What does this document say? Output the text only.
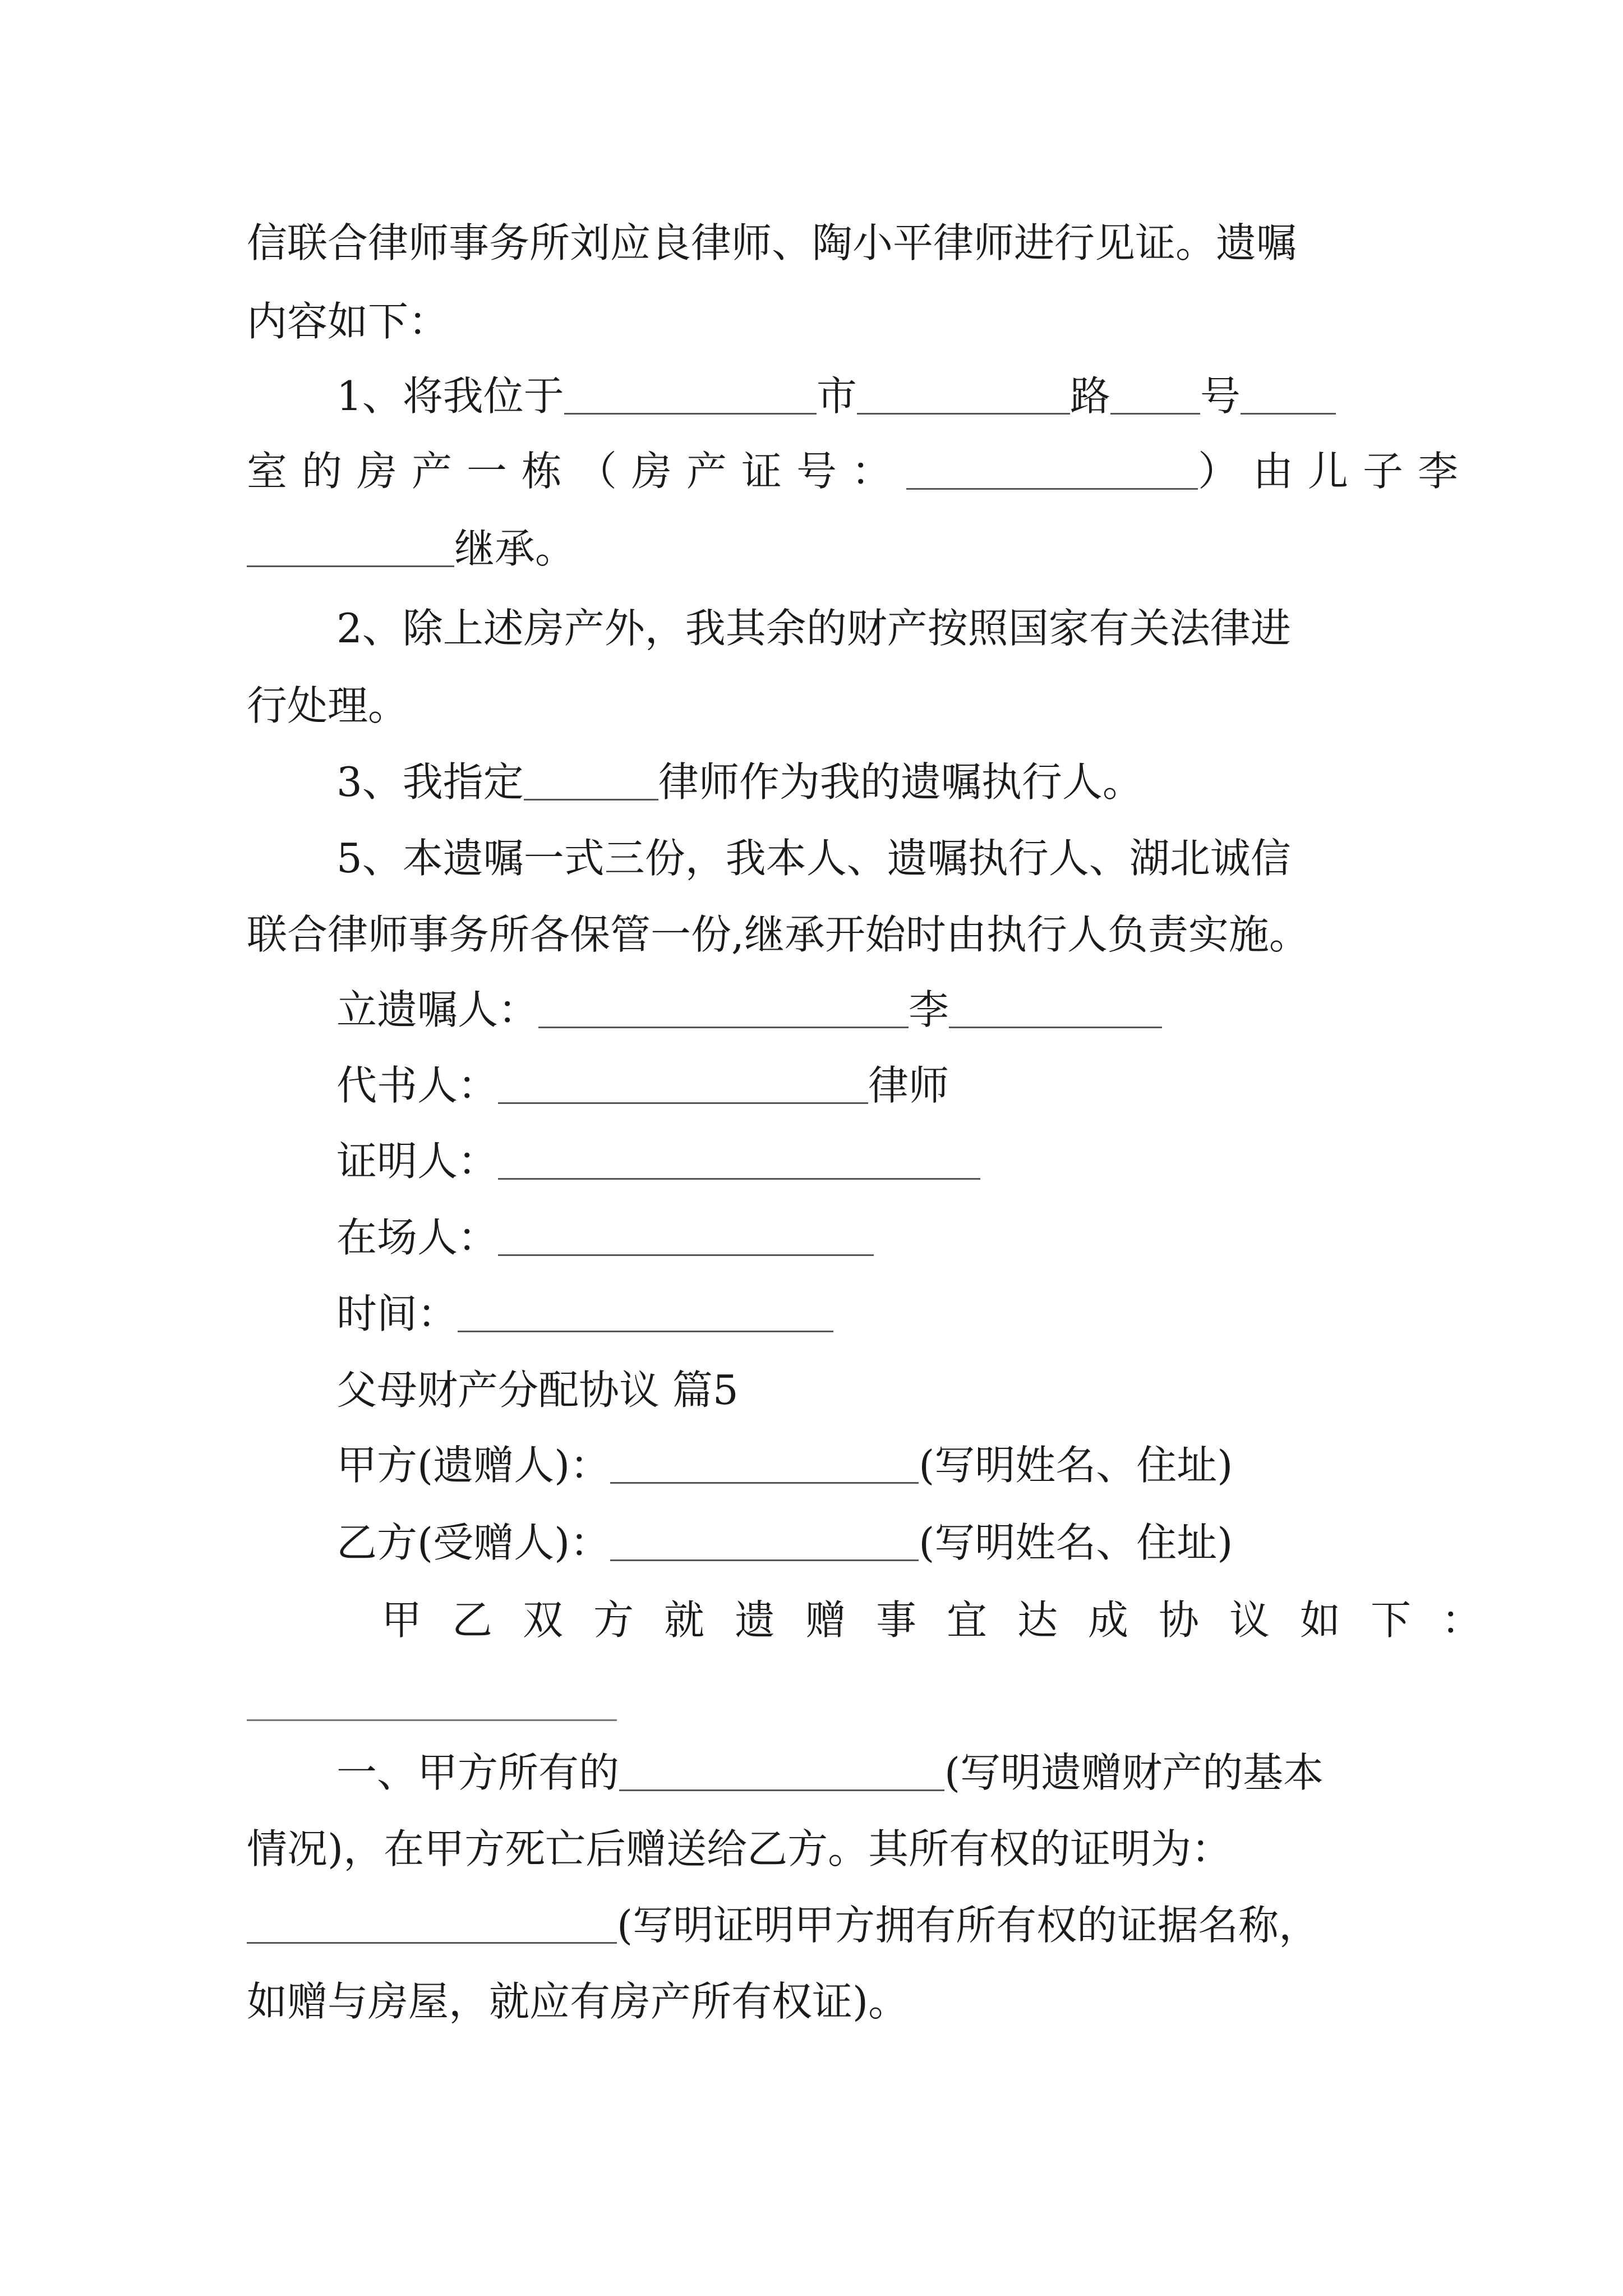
信联合律师事务所刘应良律师、陶小平律师进行见证。遗嘱
内容如下：
1、将我位于	市	路 号
室的房产一栋（房产证号：	）由儿子李
继承。
2、除上述房产外，我其余的财产按照国家有关法律进
行处理。
3、我指定	律师作为我的遗嘱执行人。
5、本遗嘱一式三份，我本人、遗嘱执行人、湖北诚信
联合律师事务所各保管一份,继承开始时由执行人负责实施。
立遗嘱人：	李
代书人：	律师
证明人：
在场人：
时间：
父母财产分配协议 篇5
甲方(遗赠人)：	(写明姓名、住址)
乙方(受赠人)：	(写明姓名、住址)
甲乙双方就遗赠事宜达成协议如下：
一、甲方所有的	(写明遗赠财产的基本
情况)，在甲方死亡后赠送给乙方。其所有权的证明为：
(写明证明甲方拥有所有权的证据名称，
如赠与房屋，就应有房产所有权证)。
